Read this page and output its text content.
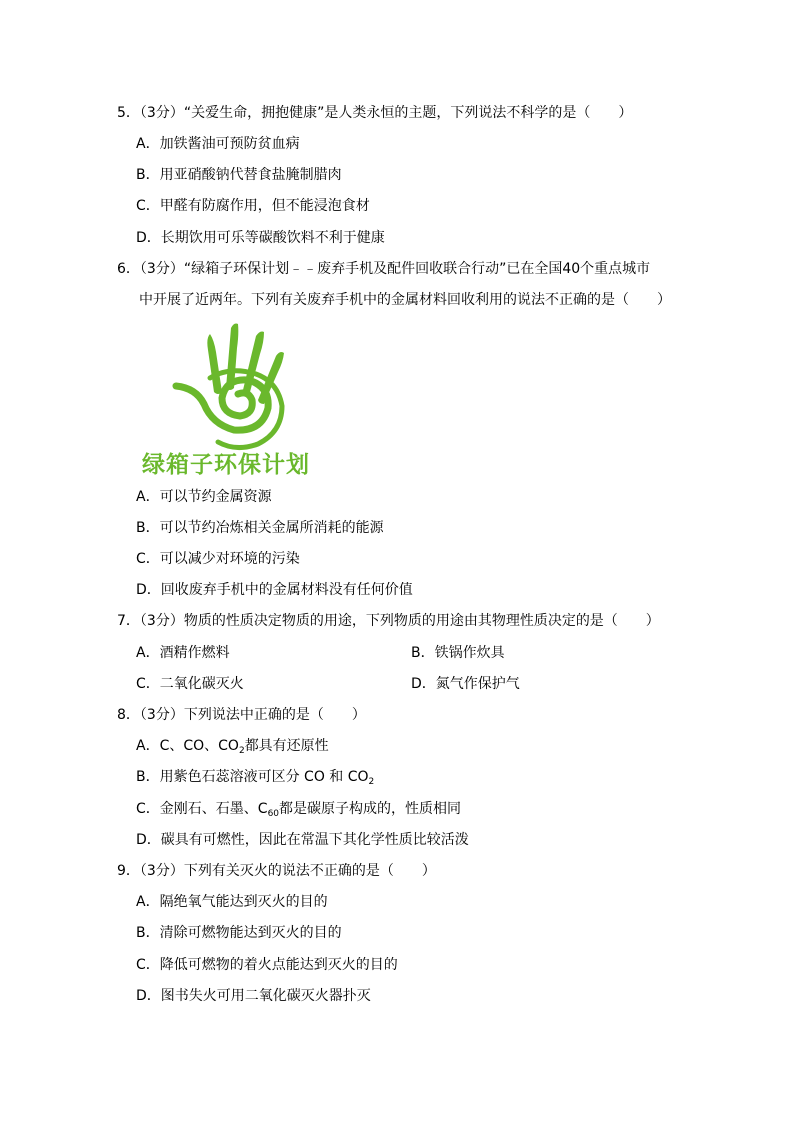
5．（3分）“关爱生命，拥抱健康”是人类永恒的主题，下列说法不科学的是（　　）
A．加铁酱油可预防贫血病
B．用亚硝酸钠代替食盐腌制腊肉
C．甲醛有防腐作用，但不能浸泡食材
D．长期饮用可乐等碳酸饮料不利于健康
6．（3分）“绿箱子环保计划﹣﹣废弃手机及配件回收联合行动”已在全国40个重点城市
中开展了近两年。下列有关废弃手机中的金属材料回收利用的说法不正确的是（　　）
绿箱子环保计划
A．可以节约金属资源
B．可以节约冶炼相关金属所消耗的能源
C．可以减少对环境的污染
D．回收废弃手机中的金属材料没有任何价值
7．（3分）物质的性质决定物质的用途，下列物质的用途由其物理性质决定的是（　　）
A．酒精作燃料	B．铁锅作炊具
C．二氧化碳灭火	D．氮气作保护气
8．（3分）下列说法中正确的是（　　）
A．C、CO、$CO_2$都具有还原性
B．用紫色石蕊溶液可区分 CO 和 $CO_2$
C．金刚石、石墨、$C_{60}$都是碳原子构成的，性质相同
D．碳具有可燃性，因此在常温下其化学性质比较活泼
9．（3分）下列有关灭火的说法不正确的是（　　）
A．隔绝氧气能达到灭火的目的
B．清除可燃物能达到灭火的目的
C．降低可燃物的着火点能达到灭火的目的
D．图书失火可用二氧化碳灭火器扑灭
